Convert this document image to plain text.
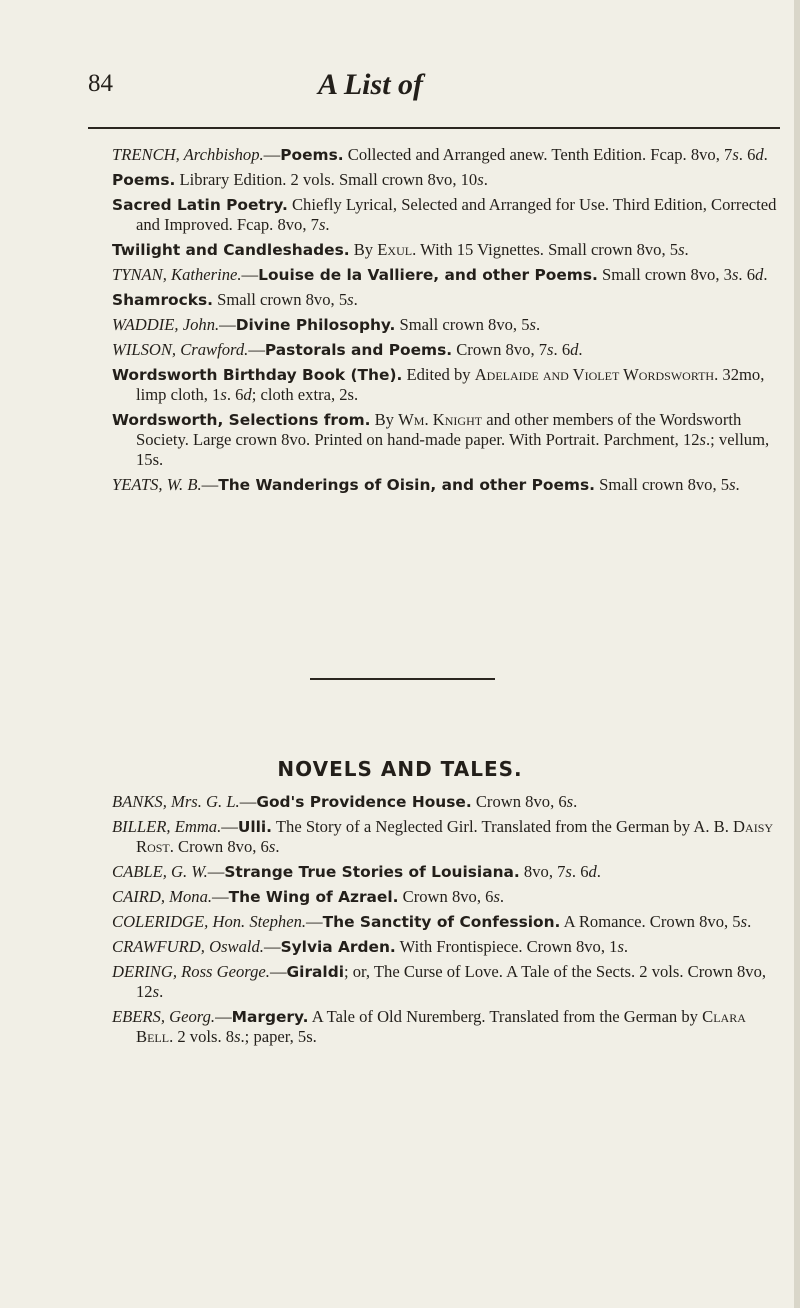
84	A List of

TRENCH, Archbishop.—Poems. Collected and Arranged anew. Tenth Edition. Fcap. 8vo, 7s. 6d.

Poems. Library Edition. 2 vols. Small crown 8vo, 10s.

Sacred Latin Poetry. Chiefly Lyrical, Selected and Arranged for Use. Third Edition, Corrected and Improved. Fcap. 8vo, 7s.

Twilight and Candleshades. By Exul. With 15 Vignettes. Small crown 8vo, 5s.

TYNAN, Katherine.—Louise de la Valliere, and other Poems. Small crown 8vo, 3s. 6d.

Shamrocks. Small crown 8vo, 5s.

WADDIE, John.—Divine Philosophy. Small crown 8vo, 5s.

WILSON, Crawford.—Pastorals and Poems. Crown 8vo, 7s. 6d.

Wordsworth Birthday Book (The). Edited by Adelaide and Violet Wordsworth. 32mo, limp cloth, 1s. 6d; cloth extra, 2s.

Wordsworth, Selections from. By Wm. Knight and other members of the Wordsworth Society. Large crown 8vo. Printed on hand-made paper. With Portrait. Parchment, 12s.; vellum, 15s.

YEATS, W. B.—The Wanderings of Oisin, and other Poems. Small crown 8vo, 5s.

NOVELS AND TALES.

BANKS, Mrs. G. L.—God's Providence House. Crown 8vo, 6s.

BILLER, Emma.—Ulli. The Story of a Neglected Girl. Translated from the German by A. B. Daisy Rost. Crown 8vo, 6s.

CABLE, G. W.—Strange True Stories of Louisiana. 8vo, 7s. 6d.

CAIRD, Mona.—The Wing of Azrael. Crown 8vo, 6s.

COLERIDGE, Hon. Stephen.—The Sanctity of Confession. A Romance. Crown 8vo, 5s.

CRAWFURD, Oswald.—Sylvia Arden. With Frontispiece. Crown 8vo, 1s.

DERING, Ross George.—Giraldi; or, The Curse of Love. A Tale of the Sects. 2 vols. Crown 8vo, 12s.

EBERS, Georg.—Margery. A Tale of Old Nuremberg. Translated from the German by Clara Bell. 2 vols. 8s.; paper, 5s.
